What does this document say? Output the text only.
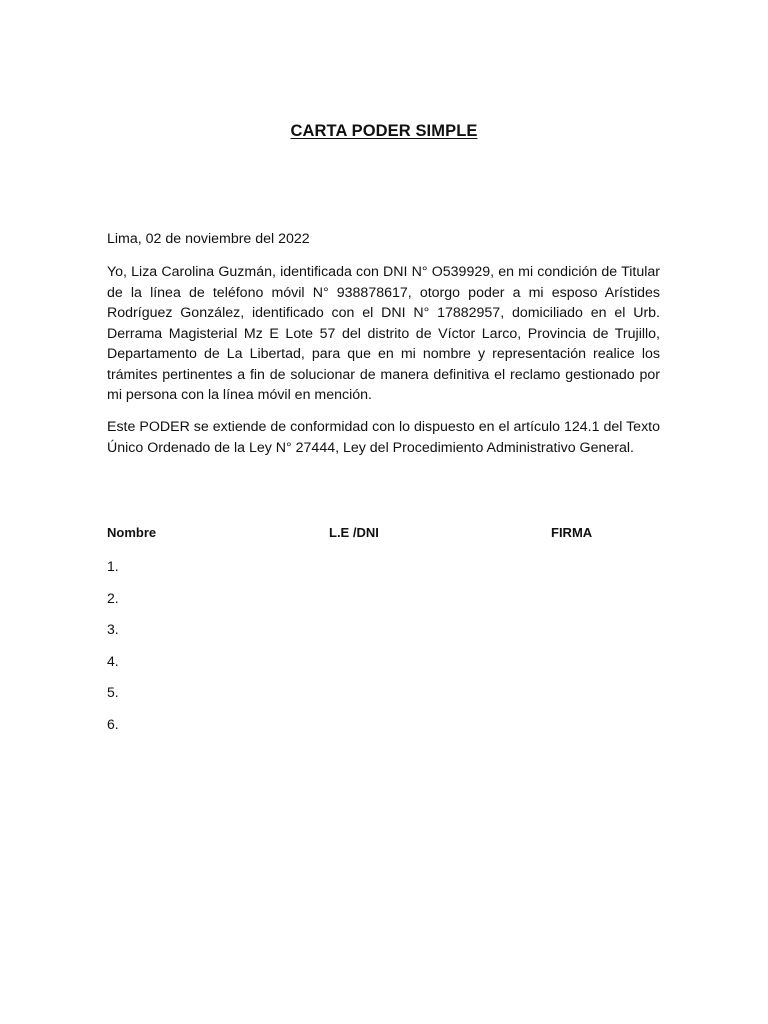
CARTA PODER SIMPLE
Lima, 02 de noviembre del 2022

Yo, Liza Carolina Guzmán, identificada con DNI N° O539929, en mi condición de Titular de la línea de teléfono móvil N° 938878617, otorgo poder a mi esposo Arístides Rodríguez González, identificado con el DNI N° 17882957, domiciliado en el Urb. Derrama Magisterial Mz E Lote 57 del distrito de Víctor Larco, Provincia de Trujillo, Departamento de La Libertad, para que en mi nombre y representación realice los trámites pertinentes a fin de solucionar de manera definitiva el reclamo gestionado por mi persona con la línea móvil en mención.

Este PODER se extiende de conformidad con lo dispuesto en el artículo 124.1 del Texto Único Ordenado de la Ley N° 27444, Ley del Procedimiento Administrativo General.

Nombre	L.E /DNI	FIRMA
1.
2.
3.
4.
5.
6.
